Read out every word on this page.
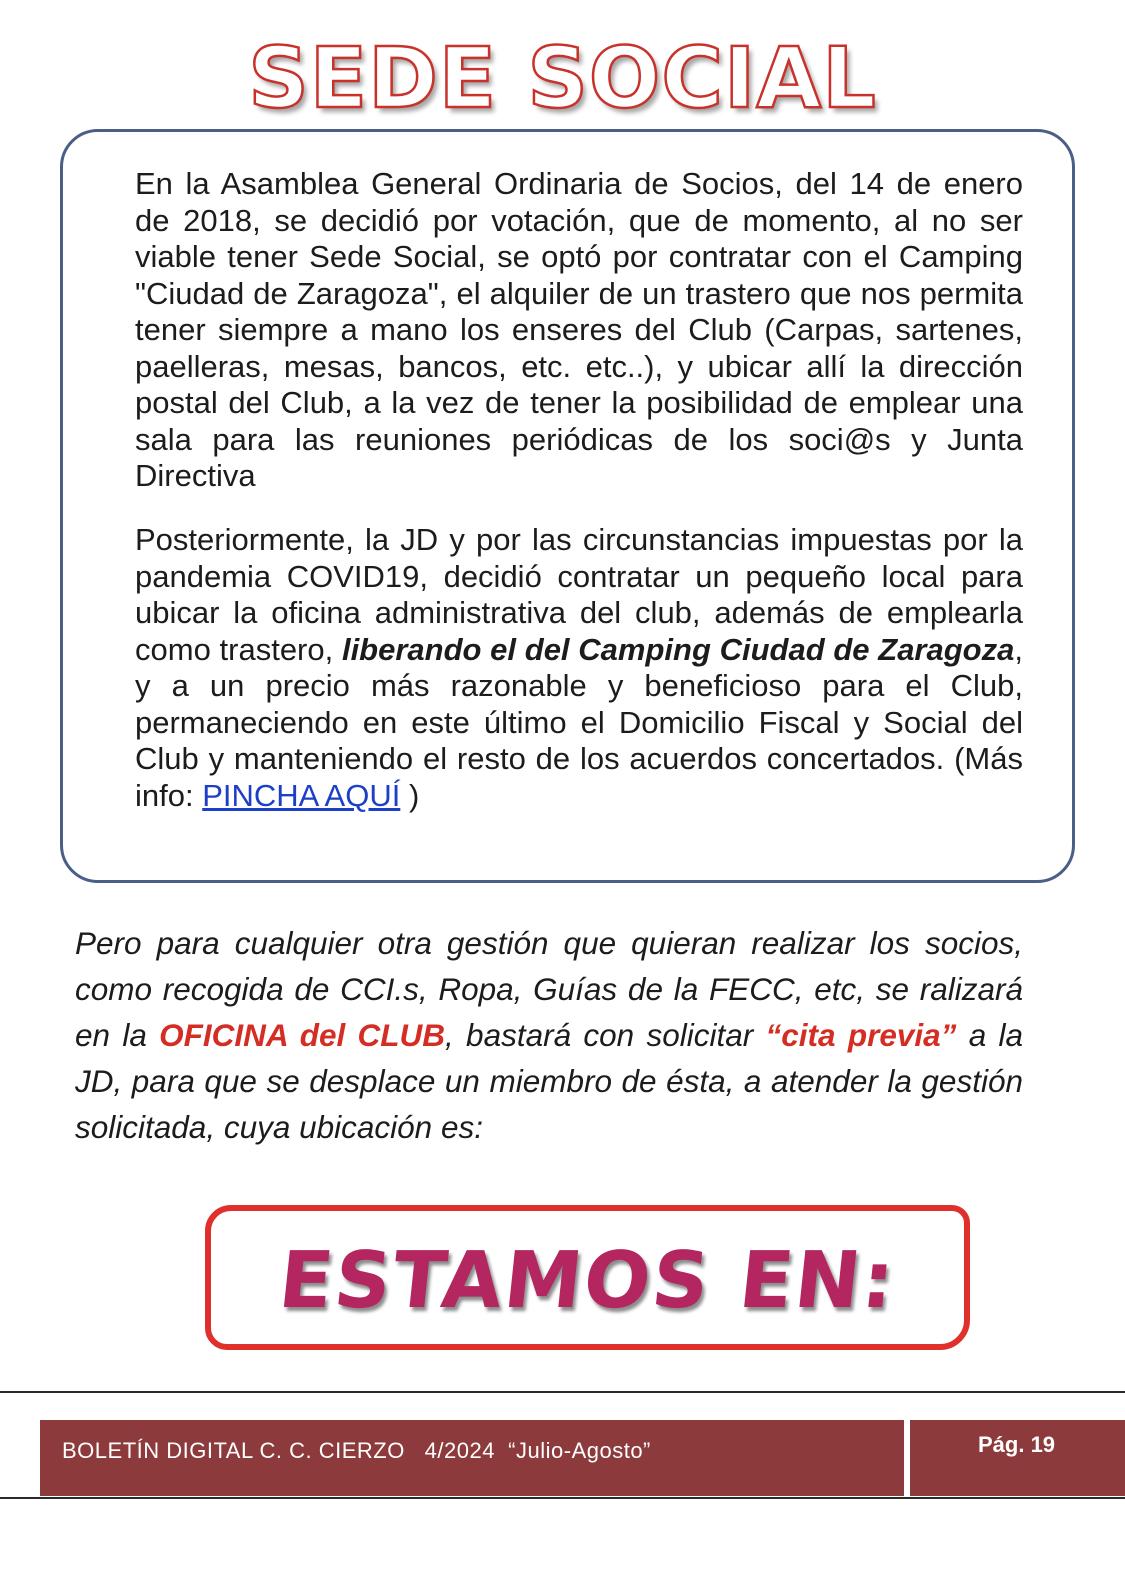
SEDE SOCIAL

En la Asamblea General Ordinaria de Socios, del 14 de enero de 2018, se decidió por votación, que de momento, al no ser viable tener Sede Social, se optó por contratar con el Camping "Ciudad de Zaragoza", el alquiler de un trastero que nos permita tener siempre a mano los enseres del Club (Carpas, sartenes, paelleras, mesas, bancos, etc. etc..), y ubicar allí la dirección postal del Club, a la vez de tener la posibilidad de emplear una sala para las reuniones periódicas de los soci@s y Junta Directiva

Posteriormente, la JD y por las circunstancias impuestas por la pandemia COVID19, decidió contratar un pequeño local para ubicar la oficina administrativa del club, además de emplearla como trastero, liberando el del Camping Ciudad de Zaragoza, y a un precio más razonable y beneficioso para el Club, permaneciendo en este último el Domicilio Fiscal y Social del Club y manteniendo el resto de los acuerdos concertados. (Más info: PINCHA AQUÍ )

Pero para cualquier otra gestión que quieran realizar los socios, como recogida de CCI.s, Ropa, Guías de la FECC, etc, se ralizará en la OFICINA del CLUB, bastará con solicitar “cita previa” a la JD, para que se desplace un miembro de ésta, a atender la gestión solicitada, cuya ubicación es:
ESTAMOS EN:
BOLETÍN DIGITAL C. C. CIERZO   4/2024  “Julio-Agosto”	Pág. 19
